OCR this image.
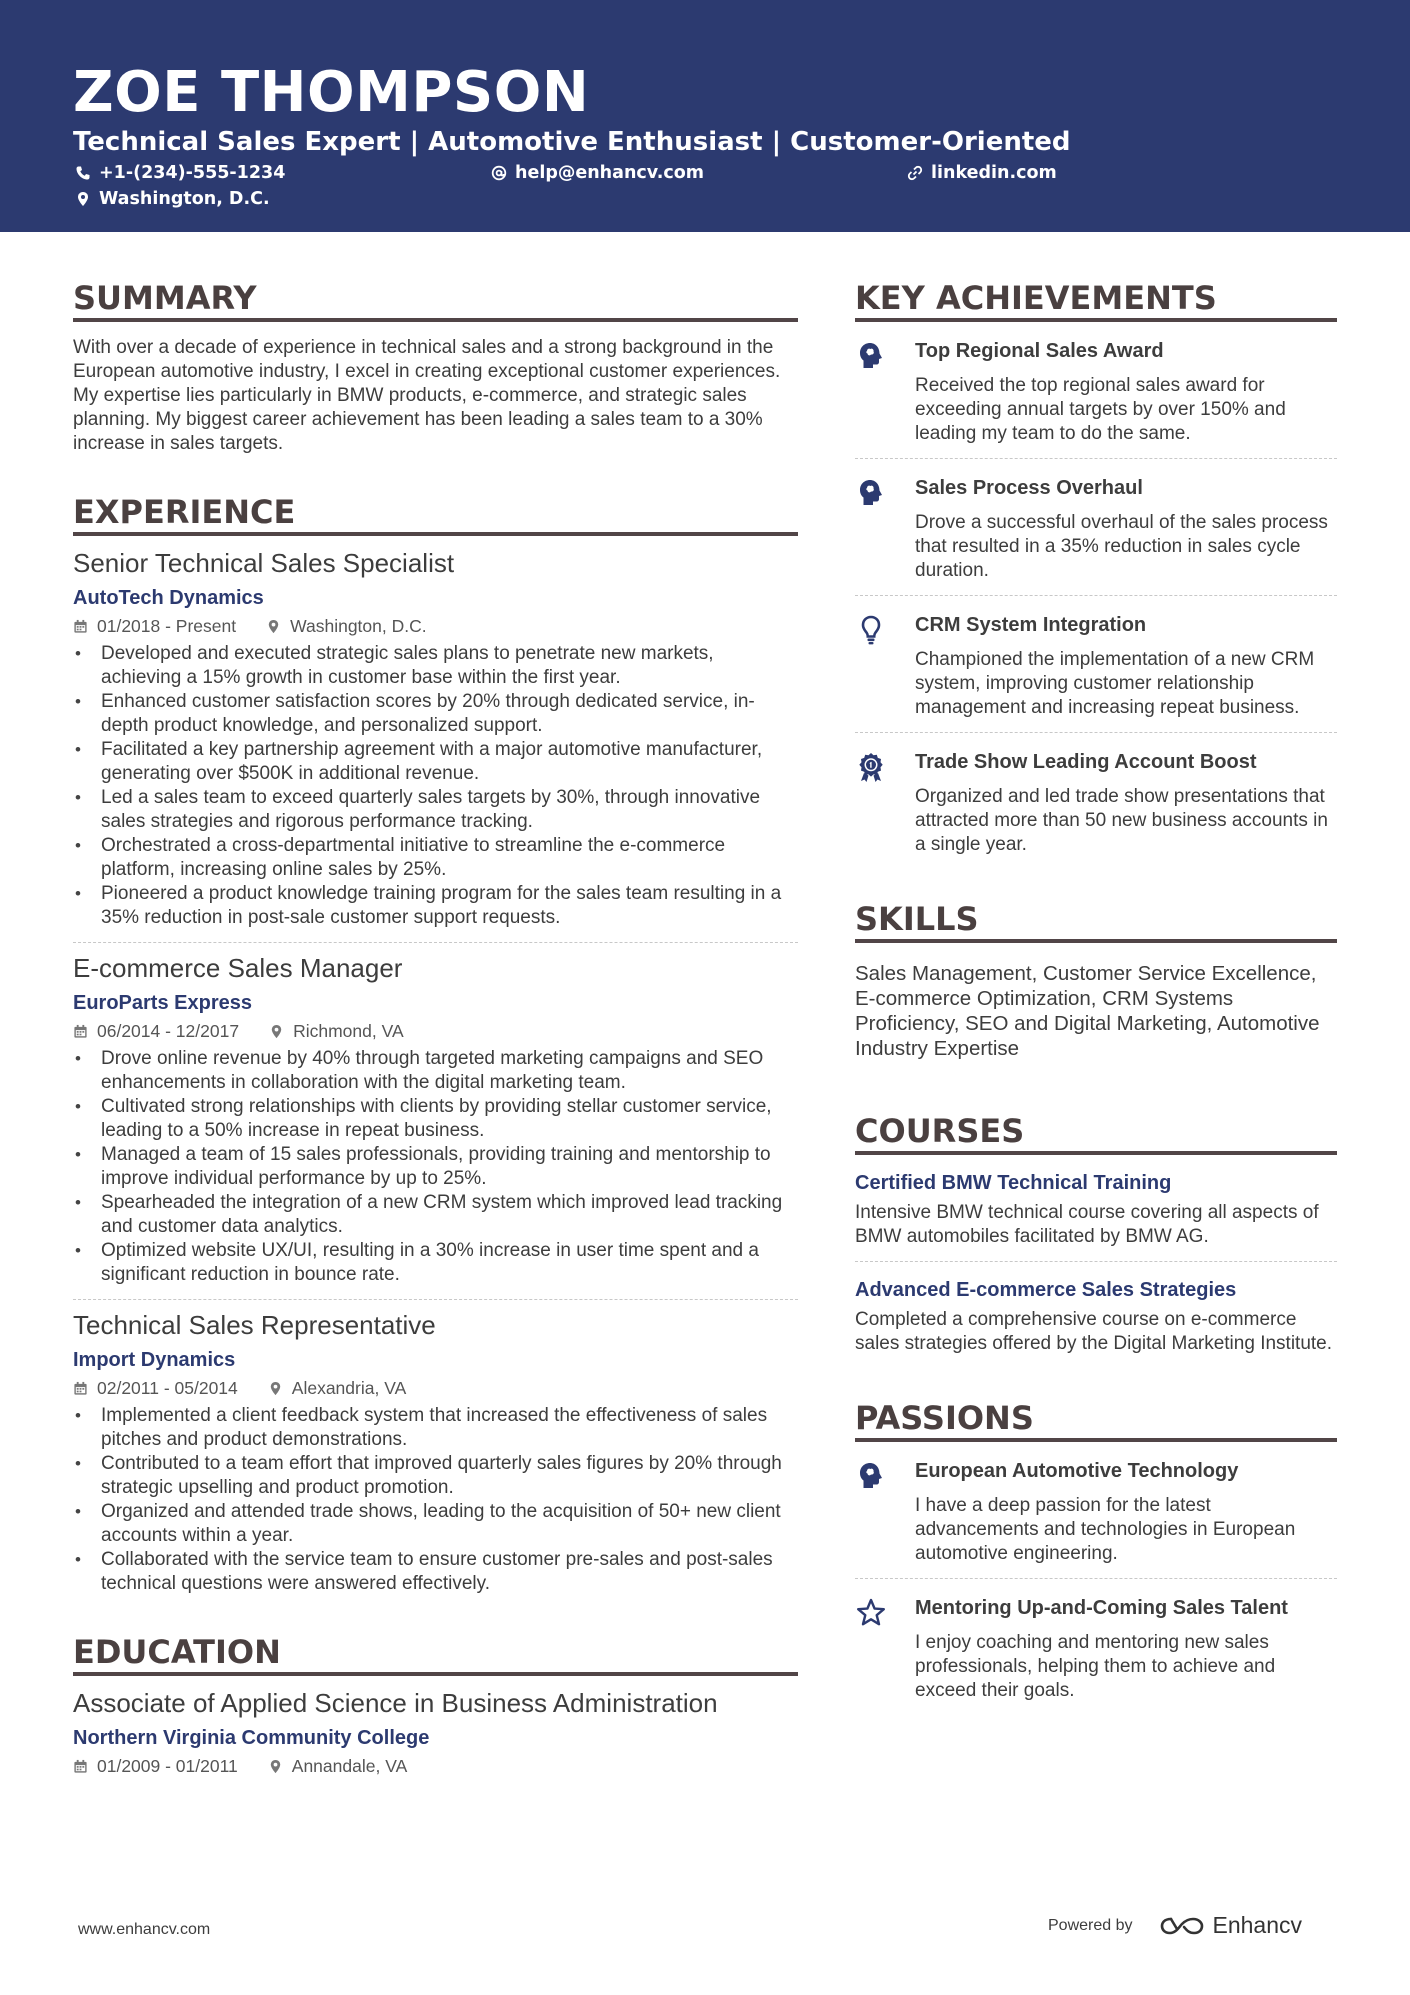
ZOE THOMPSON
Technical Sales Expert | Automotive Enthusiast | Customer-Oriented
+1-(234)-555-1234	help@enhancv.com	linkedin.com
Washington, D.C.
SUMMARY

With over a decade of experience in technical sales and a strong background in the European automotive industry, I excel in creating exceptional customer experiences. My expertise lies particularly in BMW products, e-commerce, and strategic sales planning. My biggest career achievement has been leading a sales team to a 30% increase in sales targets.

EXPERIENCE
Senior Technical Sales Specialist
AutoTech Dynamics
01/2018 - Present	Washington, D.C.
• Developed and executed strategic sales plans to penetrate new markets, achieving a 15% growth in customer base within the first year.
• Enhanced customer satisfaction scores by 20% through dedicated service, in-depth product knowledge, and personalized support.
• Facilitated a key partnership agreement with a major automotive manufacturer, generating over $500K in additional revenue.
• Led a sales team to exceed quarterly sales targets by 30%, through innovative sales strategies and rigorous performance tracking.
• Orchestrated a cross-departmental initiative to streamline the e-commerce platform, increasing online sales by 25%.
• Pioneered a product knowledge training program for the sales team resulting in a 35% reduction in post-sale customer support requests.
E-commerce Sales Manager
EuroParts Express
06/2014 - 12/2017	Richmond, VA
• Drove online revenue by 40% through targeted marketing campaigns and SEO enhancements in collaboration with the digital marketing team.
• Cultivated strong relationships with clients by providing stellar customer service, leading to a 50% increase in repeat business.
• Managed a team of 15 sales professionals, providing training and mentorship to improve individual performance by up to 25%.
• Spearheaded the integration of a new CRM system which improved lead tracking and customer data analytics.
• Optimized website UX/UI, resulting in a 30% increase in user time spent and a significant reduction in bounce rate.
Technical Sales Representative
Import Dynamics
02/2011 - 05/2014	Alexandria, VA
• Implemented a client feedback system that increased the effectiveness of sales pitches and product demonstrations.
• Contributed to a team effort that improved quarterly sales figures by 20% through strategic upselling and product promotion.
• Organized and attended trade shows, leading to the acquisition of 50+ new client accounts within a year.
• Collaborated with the service team to ensure customer pre-sales and post-sales technical questions were answered effectively.
EDUCATION
Associate of Applied Science in Business Administration
Northern Virginia Community College
01/2009 - 01/2011	Annandale, VA
KEY ACHIEVEMENTS
Top Regional Sales Award

Received the top regional sales award for exceeding annual targets by over 150% and leading my team to do the same.

Sales Process Overhaul

Drove a successful overhaul of the sales process that resulted in a 35% reduction in sales cycle duration.

CRM System Integration

Championed the implementation of a new CRM system, improving customer relationship management and increasing repeat business.

Trade Show Leading Account Boost

Organized and led trade show presentations that attracted more than 50 new business accounts in a single year.

SKILLS

Sales Management, Customer Service Excellence, E-commerce Optimization, CRM Systems Proficiency, SEO and Digital Marketing, Automotive Industry Expertise

COURSES
Certified BMW Technical Training

Intensive BMW technical course covering all aspects of BMW automobiles facilitated by BMW AG.

Advanced E-commerce Sales Strategies

Completed a comprehensive course on e-commerce sales strategies offered by the Digital Marketing Institute.

PASSIONS
European Automotive Technology

I have a deep passion for the latest advancements and technologies in European automotive engineering.

Mentoring Up-and-Coming Sales Talent

I enjoy coaching and mentoring new sales professionals, helping them to achieve and exceed their goals.

www.enhancv.com	Powered by	Enhancv
